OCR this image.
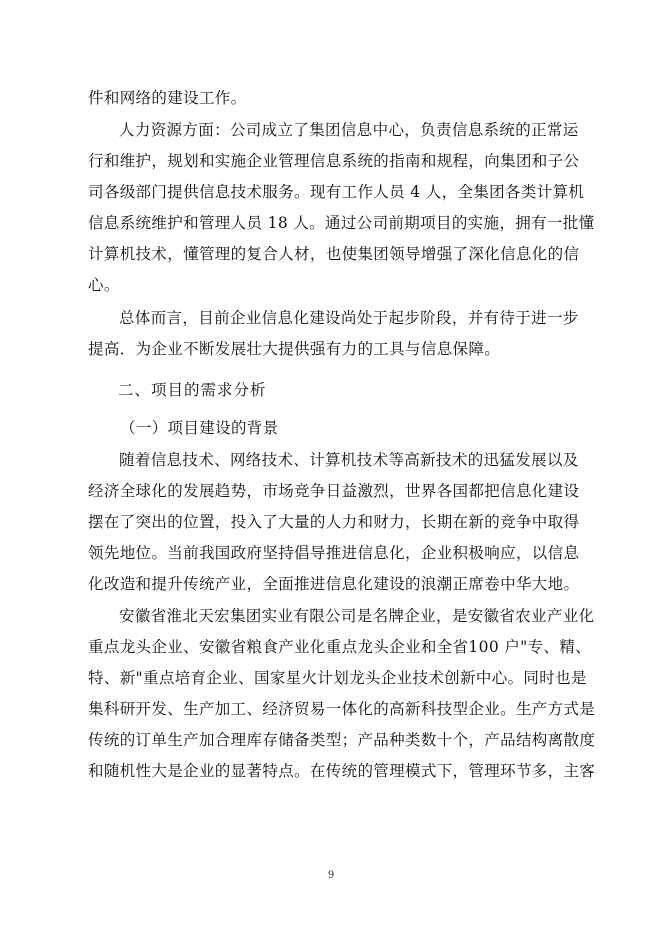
件和网络的建设工作。
人力资源方面：公司成立了集团信息中心，负责信息系统的正常运
行和维护，规划和实施企业管理信息系统的指南和规程，向集团和子公
司各级部门提供信息技术服务。现有工作人员 4 人，全集团各类计算机
信息系统维护和管理人员 18 人。通过公司前期项目的实施，拥有一批懂
计算机技术，懂管理的复合人材，也使集团领导增强了深化信息化的信
心。
总体而言，目前企业信息化建设尚处于起步阶段，并有待于进一步
提高．为企业不断发展壮大提供强有力的工具与信息保障。
二、项目的需求分析
（一）项目建设的背景
随着信息技术、网络技术、计算机技术等高新技术的迅猛发展以及
经济全球化的发展趋势，市场竞争日益激烈，世界各国都把信息化建设
摆在了突出的位置，投入了大量的人力和财力，长期在新的竞争中取得
领先地位。当前我国政府坚持倡导推进信息化，企业积极响应，以信息
化改造和提升传统产业，全面推进信息化建设的浪潮正席卷中华大地。
安徽省淮北天宏集团实业有限公司是名牌企业，是安徽省农业产业化
重点龙头企业、安徽省粮食产业化重点龙头企业和全省100 户"专、精、
特、新"重点培育企业、国家星火计划龙头企业技术创新中心。同时也是
集科研开发、生产加工、经济贸易一体化的高新科技型企业。生产方式是
传统的订单生产加合理库存储备类型；产品种类数十个，产品结构离散度
和随机性大是企业的显著特点。在传统的管理模式下，管理环节多，主客
9
